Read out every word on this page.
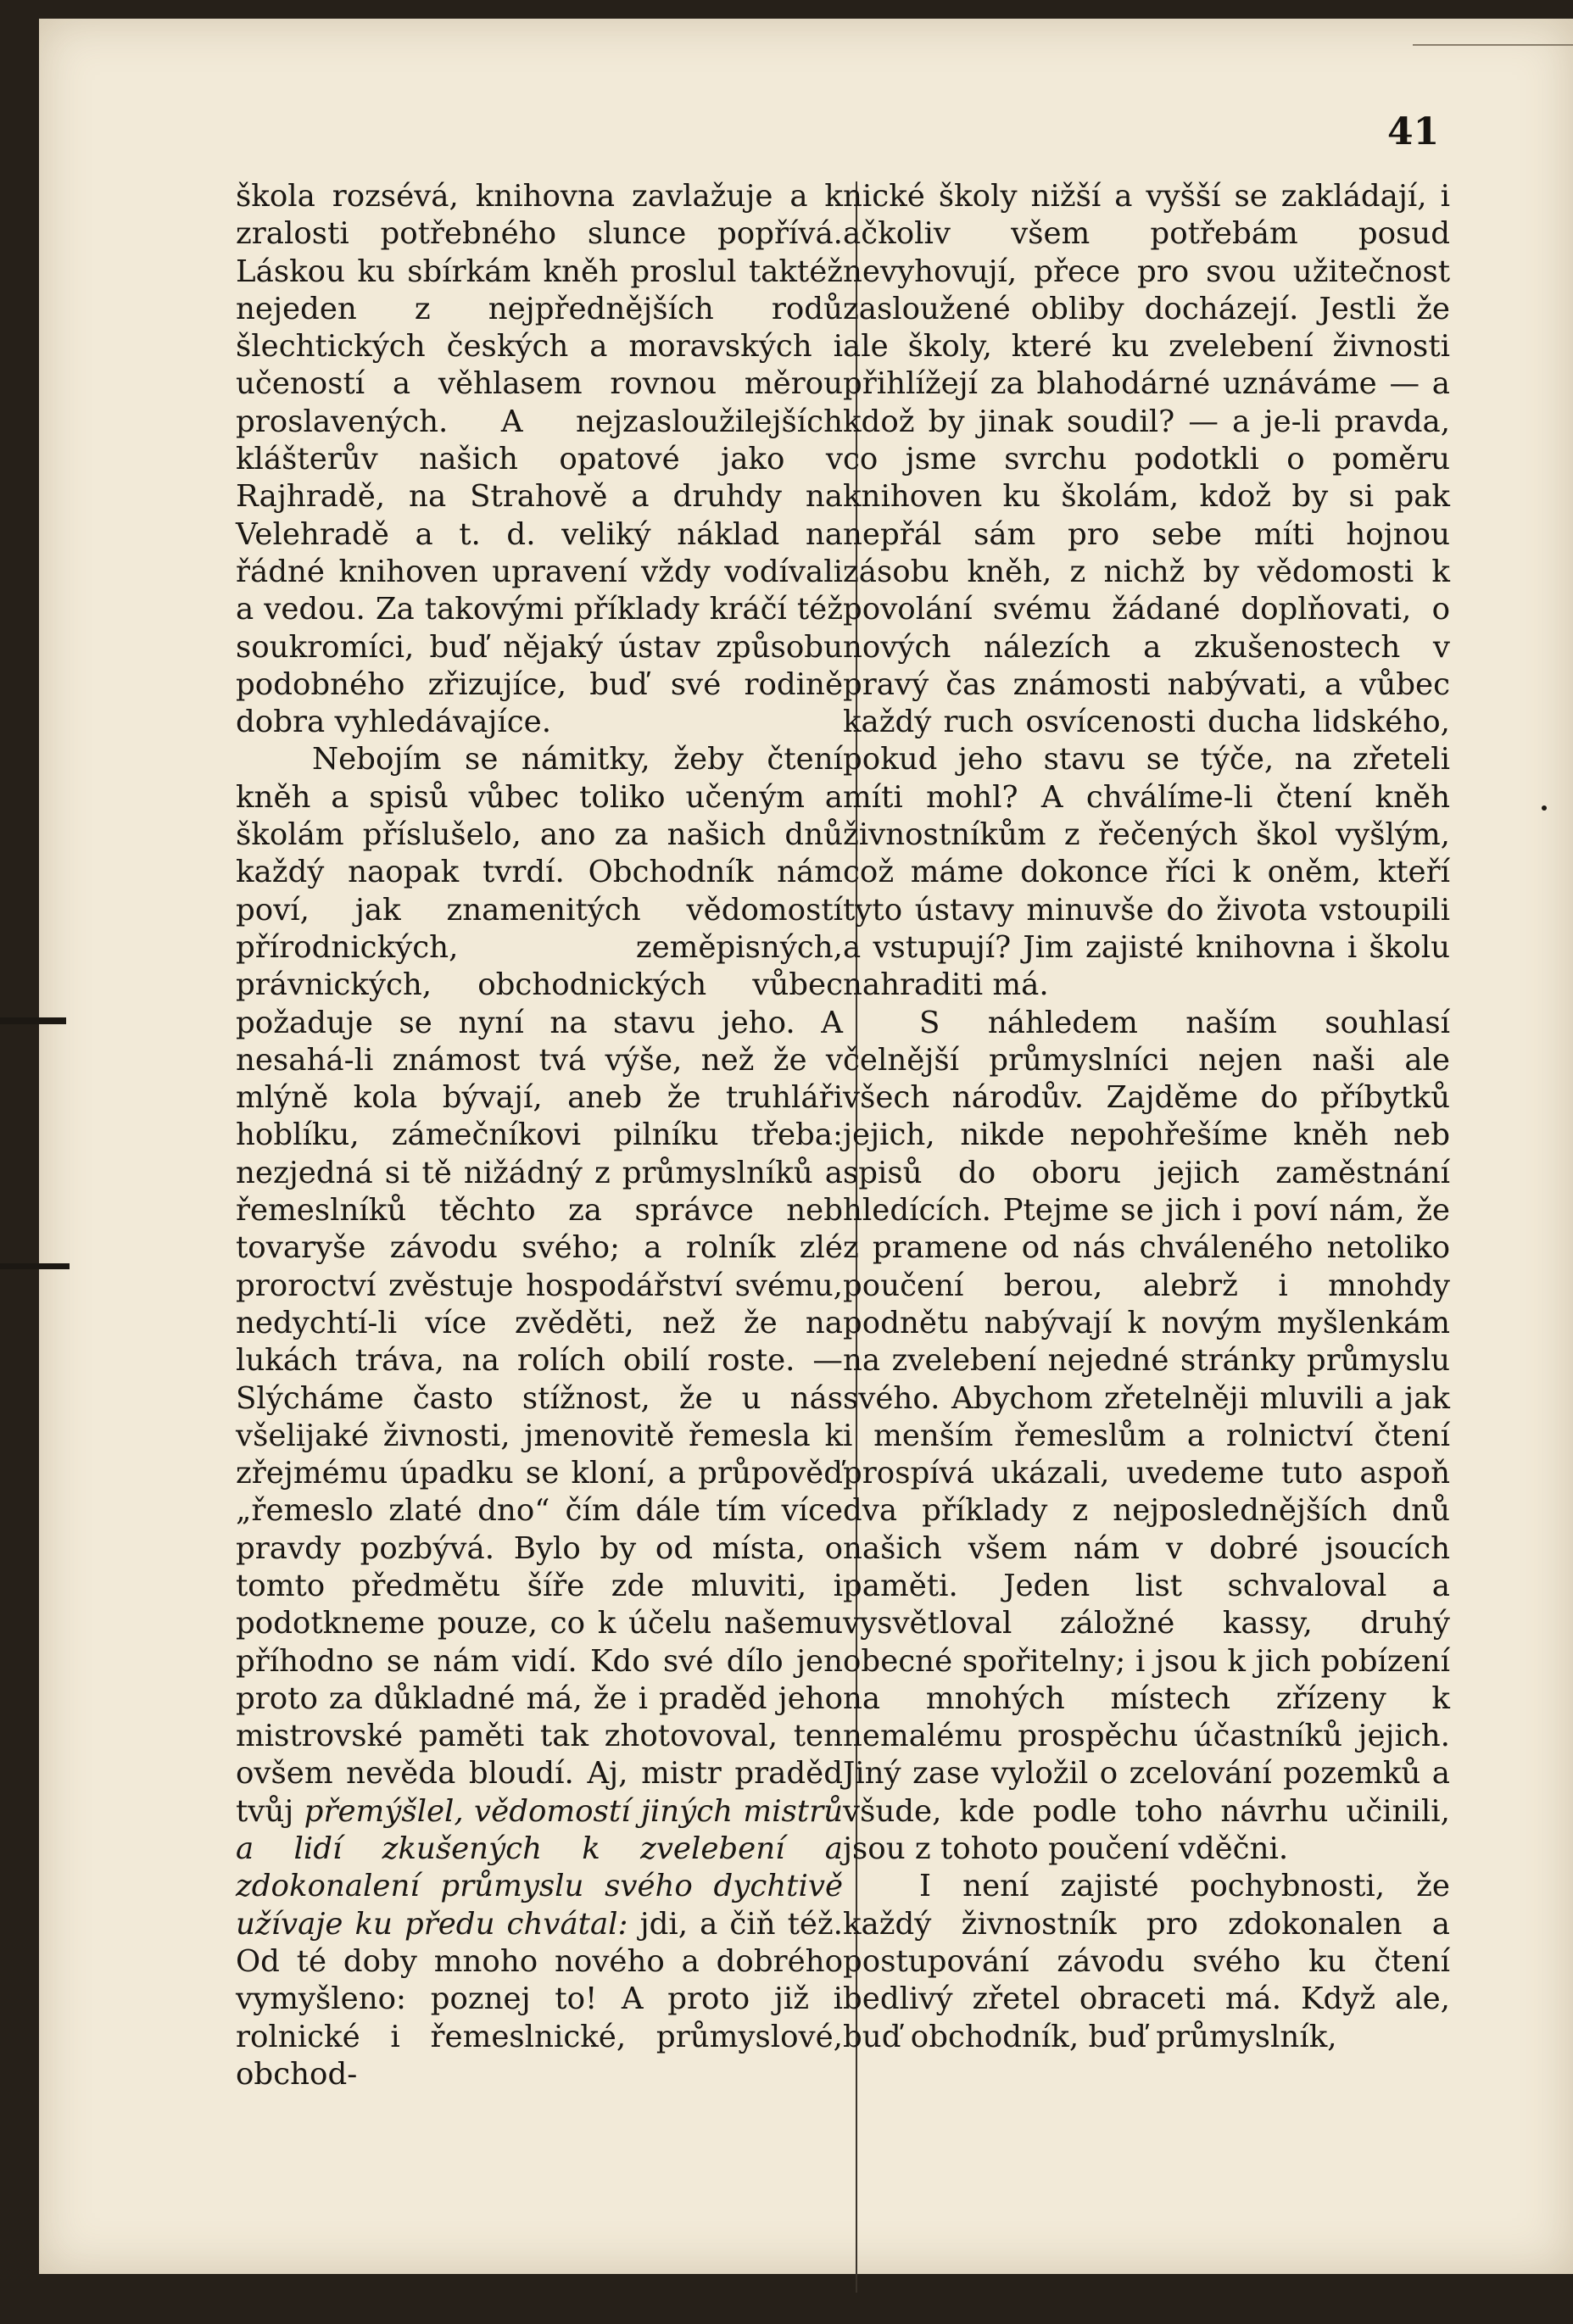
41

škola rozsévá, knihovna zavlažuje a k zralosti potřebného slunce popřívá. Láskou ku sbírkám kněh proslul taktéž nejeden z nejpřednějších rodů šlechtických českých a moravských i učeností a věhlasem rovnou měrou proslavených. A nejzasloužilejších klášterův našich opatové jako v Rajhradě, na Strahově a druhdy na Velehradě a t. d. veliký náklad na řádné knihoven upravení vždy vodívali a vedou. Za takovými příklady kráčí též soukromíci, buď nějaký ústav způsobu podobného zřizujíce, buď své rodině dobra vyhledávajíce.

Nebojím se námitky, žeby čtení kněh a spisů vůbec toliko učeným a školám příslušelo, ano za našich dnů každý naopak tvrdí. Obchodník nám poví, jak znamenitých vědomostí přírodnických, zeměpisných, právnických, obchodnických vůbec požaduje se nyní na stavu jeho. A nesahá-li známost tvá výše, než že v mlýně kola bývají, aneb že truhláři hoblíku, zámečníkovi pilníku třeba: nezjedná si tě nižádný z průmyslníků a řemeslníků těchto za správce neb tovaryše závodu svého; a rolník zlé proroctví zvěstuje hospodářství svému, nedychtí-li více zvěděti, než že na lukách tráva, na rolích obilí roste. — Slýcháme často stížnost, že u nás všelijaké živnosti, jmenovitě řemesla k zřejmému úpadku se kloní, a průpověď „řemeslo zlaté dno“ čím dále tím více pravdy pozbývá. Bylo by od místa, o tomto předmětu šíře zde mluviti, i podotkneme pouze, co k účelu našemu příhodno se nám vidí. Kdo své dílo jen proto za důkladné má, že i praděd jeho mistrovské paměti tak zhotovoval, ten ovšem nevěda bloudí. Aj, mistr praděd tvůj přemýšlel, vědomostí jiných mistrů a lidí zkušených k zvelebení a zdokonalení průmyslu svého dychtivě užívaje ku předu chvátal: jdi, a čiň též. Od té doby mnoho nového a dobrého vymyšleno: poznej to! A proto již i rolnické i řemeslnické, průmyslové, obchod-

nické školy nižší a vyšší se zakládají, i ačkoliv všem potřebám posud nevyhovují, přece pro svou užitečnost zasloužené obliby docházejí. Jestli že ale školy, které ku zvelebení živnosti přihlížejí za blahodárné uznáváme — a kdož by jinak soudil? — a je-li pravda, co jsme svrchu podotkli o poměru knihoven ku školám, kdož by si pak nepřál sám pro sebe míti hojnou zásobu kněh, z nichž by vědomosti k povolání svému žádané doplňovati, o nových nálezích a zkušenostech v pravý čas známosti nabývati, a vůbec každý ruch osvícenosti ducha lidského, pokud jeho stavu se týče, na zřeteli míti mohl? A chválíme-li čtení kněh živnostníkům z řečených škol vyšlým, což máme dokonce říci k oněm, kteří tyto ústavy minuvše do života vstoupili a vstupují? Jim zajisté knihovna i školu nahraditi má.

S náhledem naším souhlasí čelnější průmyslníci nejen naši ale všech národův. Zajděme do příbytků jejich, nikde nepohřešíme kněh neb spisů do oboru jejich zaměstnání hledících. Ptejme se jich i poví nám, že z pramene od nás chváleného netoliko poučení berou, alebrž i mnohdy podnětu nabývají k novým myšlenkám na zvelebení nejedné stránky průmyslu svého. Abychom zřetelněji mluvili a jak i menším řemeslům a rolnictví čtení prospívá ukázali, uvedeme tuto aspoň dva příklady z nejposlednějších dnů našich všem nám v dobré jsoucích paměti. Jeden list schvaloval a vysvětloval záložné kassy, druhý obecné spořitelny; i jsou k jich pobízení na mnohých místech zřízeny k nemalému prospěchu účastníků jejich. Jiný zase vyložil o zcelování pozemků a všude, kde podle toho návrhu učinili, jsou z tohoto poučení vděčni.

I není zajisté pochybnosti, že každý živnostník pro zdokonalen a postupování závodu svého ku čtení bedlivý zřetel obraceti má. Když ale, buď obchodník, buď průmyslník,
